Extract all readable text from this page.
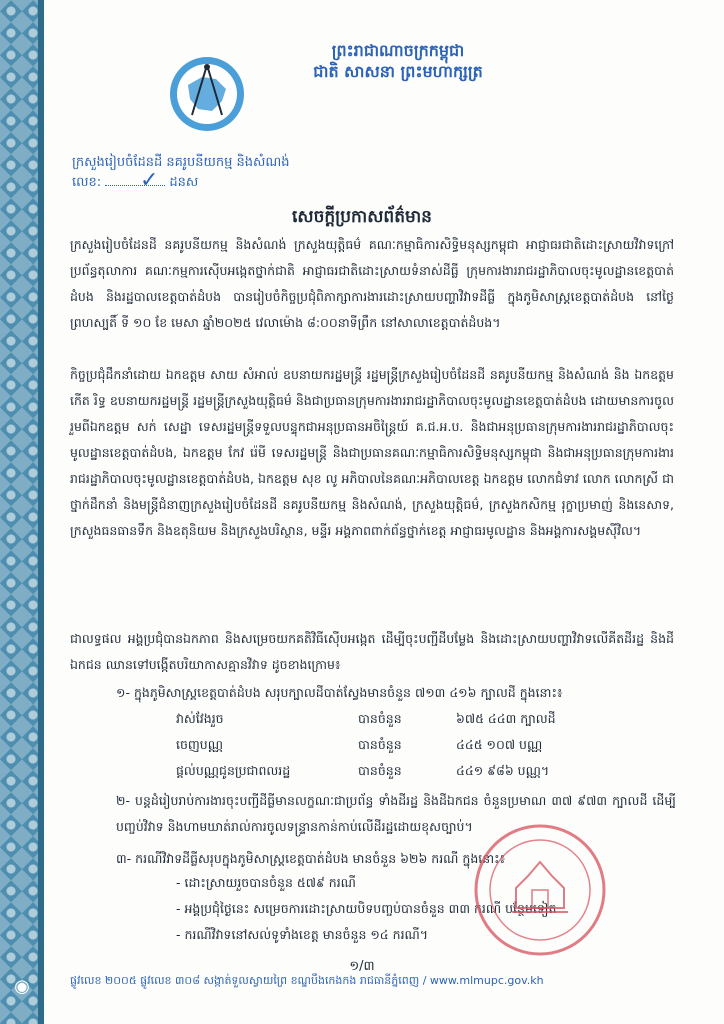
◉
ព្រះរាជាណាចក្រកម្ពុជា
ជាតិ សាសនា ព្រះមហាក្សត្រ
ក្រសួងរៀបចំដែនដី នគរូបនីយកម្ម និងសំណង់
លេខ:	ដនស
✓
សេចក្ដីប្រកាសព័ត៌មាន
ក្រសួងរៀបចំដែនដី នគរូបនីយកម្ម និងសំណង់ ក្រសួងយុត្តិធម៌ គណៈកម្មាធិការសិទ្ធិមនុស្សកម្ពុជា អាជ្ញាធរជាតិដោះស្រាយវិវាទក្រៅប្រព័ន្ធតុលាការ គណៈកម្មការស៊ើបអង្កេតថ្នាក់ជាតិ អាជ្ញាធរជាតិដោះស្រាយទំនាស់ដីធ្លី ក្រុមការងាររាជរដ្ឋាភិបាលចុះមូលដ្ឋានខេត្តបាត់ដំបង និងរដ្ឋបាលខេត្តបាត់ដំបង បានរៀបចំកិច្ចប្រជុំពិភាក្សាការងារដោះស្រាយបញ្ហាវិវាទដីធ្លី ក្នុងភូមិសាស្ត្រខេត្តបាត់ដំបង នៅថ្ងៃព្រហស្បតិ៍ ទី ១០ ខែ មេសា ឆ្នាំ២០២៥ វេលាម៉ោង ៨:០០នាទីព្រឹក នៅសាលាខេត្តបាត់ដំបង។
កិច្ចប្រជុំដឹកនាំដោយ ឯកឧត្តម សាយ សំអាល់ ឧបនាយករដ្ឋមន្ត្រី រដ្ឋមន្ត្រីក្រសួងរៀបចំដែនដី នគរូបនីយកម្ម និងសំណង់ និង ឯកឧត្តម កើត រិទ្ធ ឧបនាយករដ្ឋមន្ត្រី រដ្ឋមន្ត្រីក្រសួងយុត្តិធម៌ និងជាប្រធានក្រុមការងាររាជរដ្ឋាភិបាលចុះមូលដ្ឋានខេត្តបាត់ដំបង ដោយមានការចូលរួមពីឯកឧត្តម សក់ សេដ្ឋា ទេសរដ្ឋមន្ត្រីទទួលបន្ទុកជាអនុប្រធានអចិន្ត្រៃយ៍ គ.ជ.អ.ប. និងជាអនុប្រធានក្រុមការងាររាជរដ្ឋាភិបាលចុះមូលដ្ឋានខេត្តបាត់ដំបង, ឯកឧត្តម កែវ រ៉េមី ទេសរដ្ឋមន្ត្រី និងជាប្រធានគណៈកម្មាធិការសិទ្ធិមនុស្សកម្ពុជា និងជាអនុប្រធានក្រុមការងាររាជរដ្ឋាភិបាលចុះមូលដ្ឋានខេត្តបាត់ដំបង, ឯកឧត្តម សុខ លូ អភិបាលនៃគណៈអភិបាលខេត្ត ឯកឧត្តម លោកជំទាវ លោក លោកស្រី ជាថ្នាក់ដឹកនាំ និងមន្ត្រីជំនាញក្រសួងរៀបចំដែនដី នគរូបនីយកម្ម និងសំណង់, ក្រសួងយុត្តិធម៌, ក្រសួងកសិកម្ម រុក្ខាប្រមាញ់ និងនេសាទ, ក្រសួងធនធានទឹក និងឧតុនិយម និងក្រសួងបរិស្ថាន, មន្ទីរ អង្គភាពពាក់ព័ន្ធថ្នាក់ខេត្ត អាជ្ញាធរមូលដ្ឋាន និងអង្គការសង្គមស៊ីវិល។
ជាលទ្ធផល អង្គប្រជុំបានឯកភាព និងសម្រេចយកគតិវិធីស៊ើបអង្កេត ដើម្បីចុះបញ្ជីដីបម្លែង និងដោះស្រាយបញ្ហាវិវាទលើគីតដីរដ្ឋ និងដីឯកជន ឈានទៅបង្កើតបរិយាកាសគ្មានវិវាទ ដូចខាងក្រោម៖
១- ក្នុងភូមិសាស្ត្រខេត្តបាត់ដំបង សរុបក្បាលដីបាត់ស្វែងមានចំនួន ៧១៣ ៤១៦ ក្បាលដី ក្នុងនោះ៖
វាស់វែងរួច	បានចំនួន	៦៧៥ ៤៤៣ ក្បាលដី
ចេញបណ្ណ	បានចំនួន	៤៤៥ ១០៧ បណ្ណ
ផ្ដល់បណ្ណជូនប្រជាពលរដ្ឋ	បានចំនួន	៤៤១ ៩៨៦ បណ្ណ។
២- បន្តដំរៀបរាប់ការងារចុះបញ្ជីដីធ្លីមានលក្ខណៈជាប្រព័ន្ធ ទាំងដីរដ្ឋ និងដីឯកជន ចំនួនប្រមាណ ៣៧ ៩៧៣ ក្បាលដី ដើម្បីបញ្ចប់វិវាទ និងហាមឃាត់រាល់ការចូលទន្ទ្រានកាន់កាប់លើដីរដ្ឋដោយខុសច្បាប់។
៣- ករណីវិវាទដីធ្លីសរុបក្នុងភូមិសាស្ត្រខេត្តបាត់ដំបង មានចំនួន ៦២៦ ករណី ក្នុងនោះ៖
- ដោះស្រាយរួចបានចំនួន ៥៧៩ ករណី
- អង្គប្រជុំថ្ងៃនេះ សម្រេចការដោះស្រាយបិទបញ្ចប់បានចំនួន ៣៣ ករណី បន្ថែមទៀត
- ករណីវិវាទនៅសល់ទូទាំងខេត្ត មានចំនួន ១៤ ករណី។
១/៣
ផ្លូវលេខ ២០០៥ ផ្លូវលេខ ៣០៨ សង្កាត់ទួលស្វាយព្រៃ ខណ្ឌបឹងកេងកង រាជធានីភ្នំពេញ / www.mlmupc.gov.kh
